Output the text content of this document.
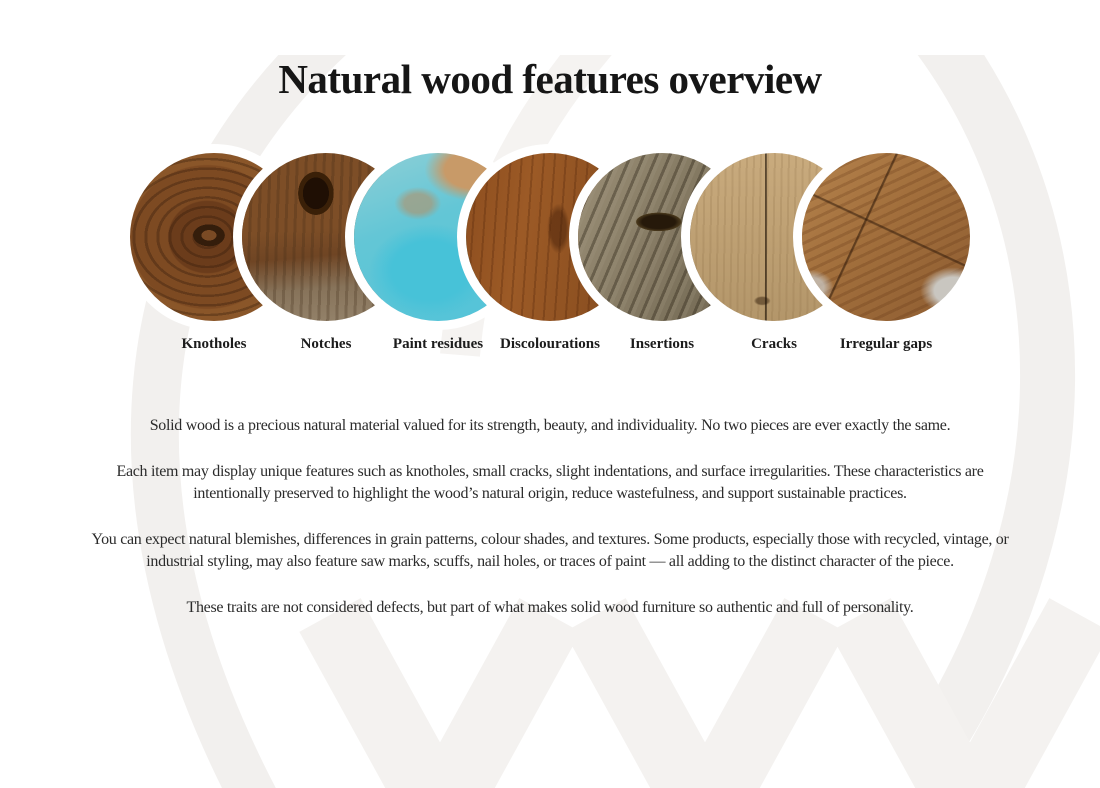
Natural wood features overview
Knotholes	Notches	Paint residues Discolourations Insertions	Cracks	Irregular gaps

Solid wood is a precious natural material valued for its strength, beauty, and individuality. No two pieces are ever exactly the same.

Each item may display unique features such as knotholes, small cracks, slight indentations, and surface irregularities. These characteristics are intentionally preserved to highlight the wood’s natural origin, reduce wastefulness, and support sustainable practices.

You can expect natural blemishes, differences in grain patterns, colour shades, and textures. Some products, especially those with recycled, vintage, or industrial styling, may also feature saw marks, scuffs, nail holes, or traces of paint — all adding to the distinct character of the piece.

These traits are not considered defects, but part of what makes solid wood furniture so authentic and full of personality.
